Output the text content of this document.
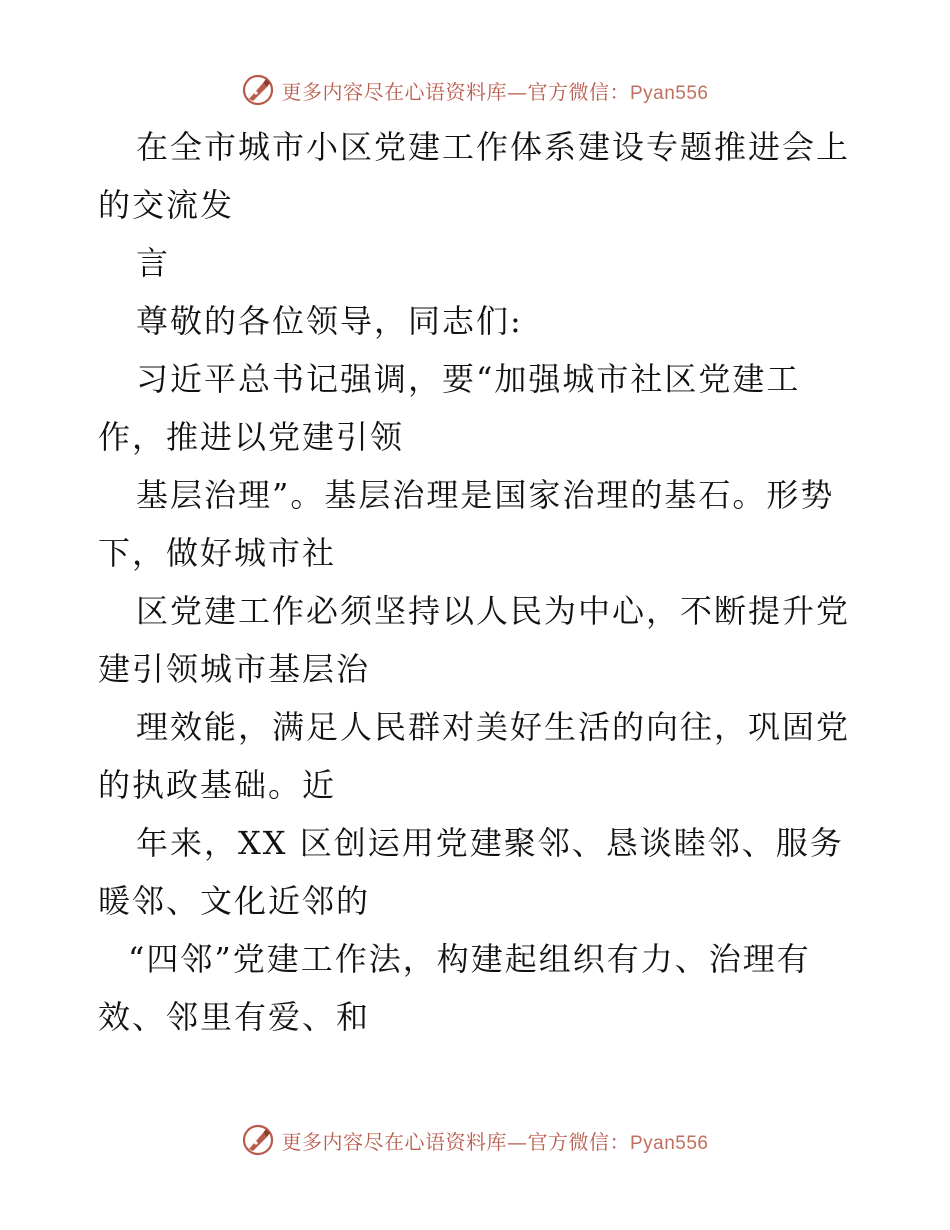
更多内容尽在心语资料库—官方微信：Pyan556
在全市城市小区党建工作体系建设专题推进会上
的交流发
言
尊敬的各位领导，同志们:
习近平总书记强调，要“加强城市社区党建工
作，推进以党建引领
基层治理”。基层治理是国家治理的基石。形势
下，做好城市社
区党建工作必须坚持以人民为中心，不断提升党
建引领城市基层治
理效能，满足人民群对美好生活的向往，巩固党
的执政基础。近
年来，XX 区创运用党建聚邻、恳谈睦邻、服务
暖邻、文化近邻的
“四邻”党建工作法，构建起组织有力、治理有
效、邻里有爱、和
更多内容尽在心语资料库—官方微信：Pyan556
